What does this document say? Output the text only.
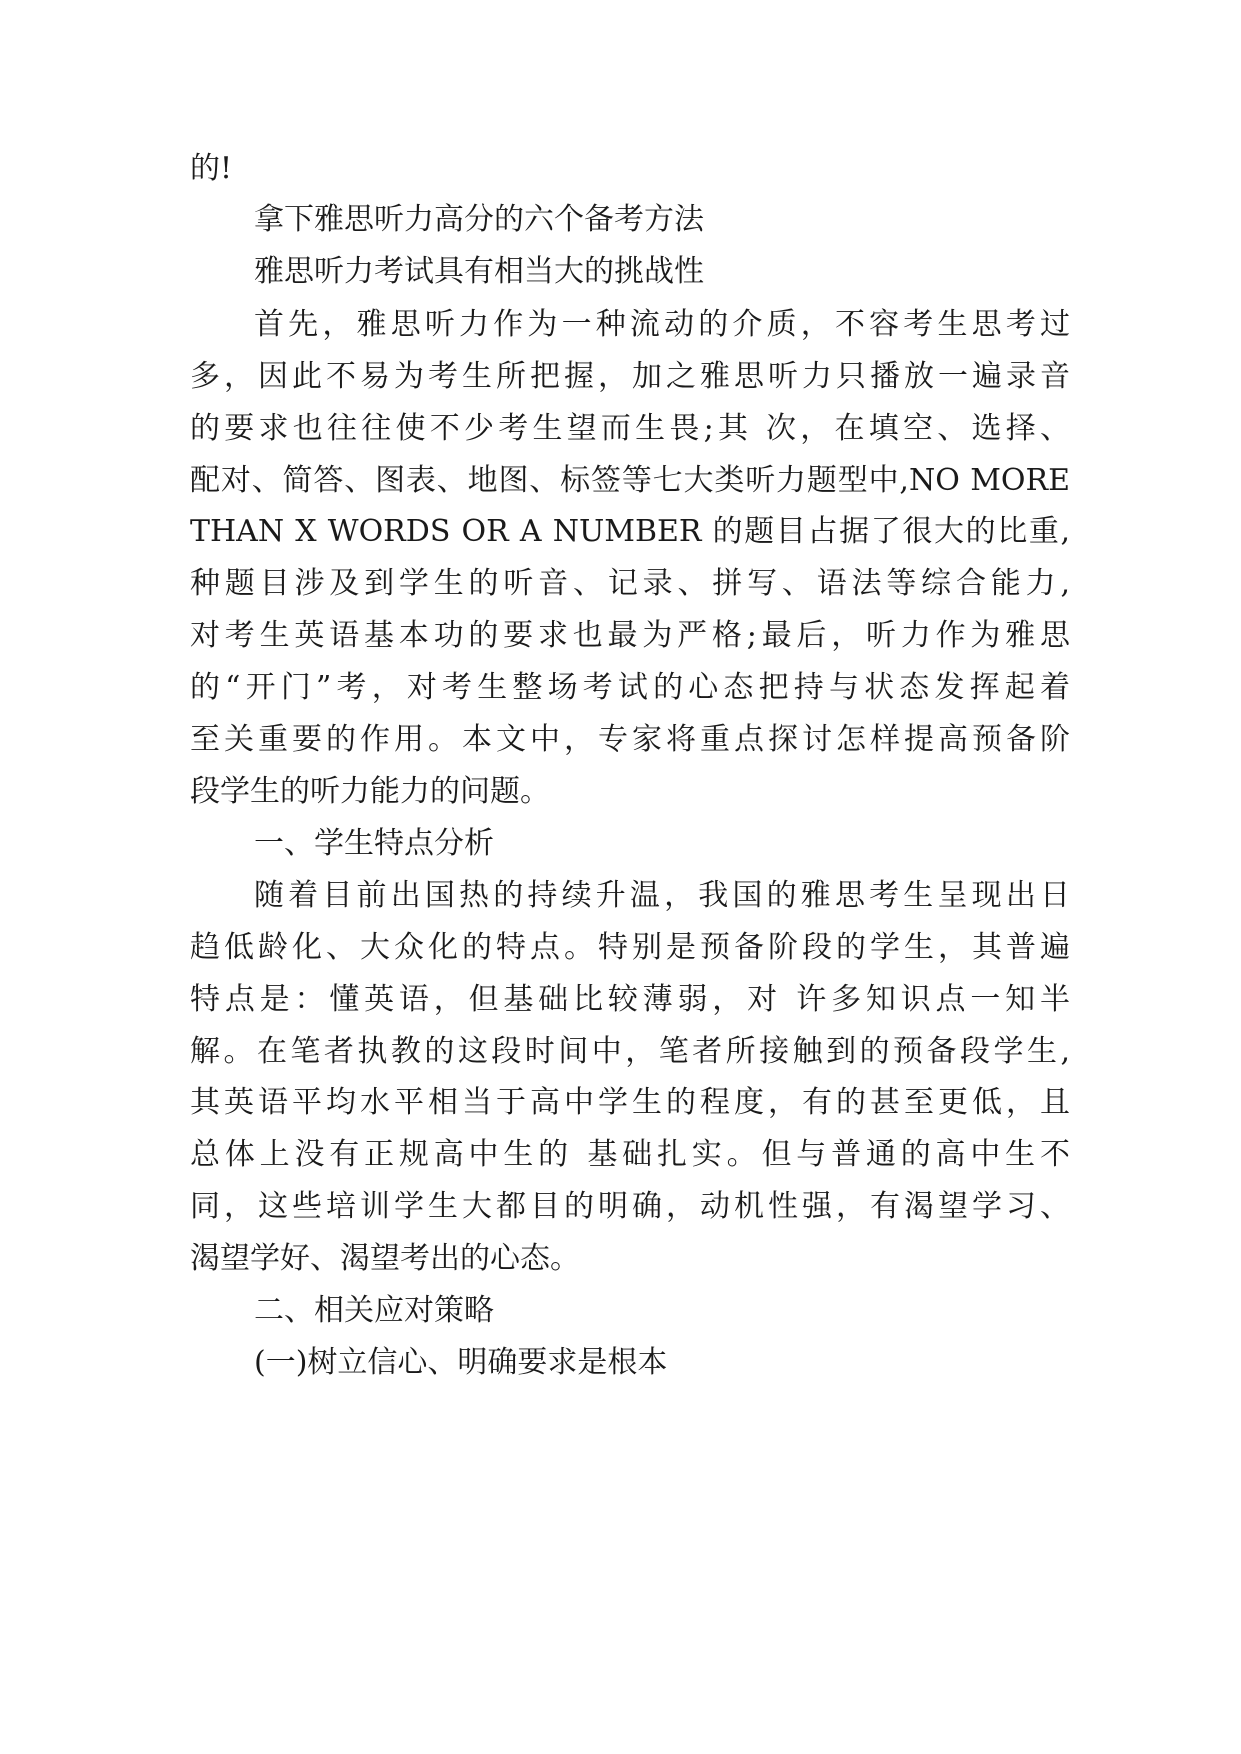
的!

拿下雅思听力高分的六个备考方法

雅思听力考试具有相当大的挑战性

首先，雅思听力作为一种流动的介质，不容考生思考过

多，因此不易为考生所把握，加之雅思听力只播放一遍录音

的要求也往往使不少考生望而生畏;其 次，在填空、选择、

配对、简答、图表、地图、标签等七大类听力题型中,NO MORE

THAN X WORDS OR A NUMBER 的题目占据了很大的比重,

种题目涉及到学生的听音、记录、拼写、语法等综合能力,

对考生英语基本功的要求也最为严格;最后，听力作为雅思

的“开门”考，对考生整场考试的心态把持与状态发挥起着

至关重要的作用。本文中，专家将重点探讨怎样提高预备阶

段学生的听力能力的问题。

一、学生特点分析

随着目前出国热的持续升温，我国的雅思考生呈现出日

趋低龄化、大众化的特点。特别是预备阶段的学生，其普遍

特点是：懂英语，但基础比较薄弱，对 许多知识点一知半

解。在笔者执教的这段时间中，笔者所接触到的预备段学生,

其英语平均水平相当于高中学生的程度，有的甚至更低，且

总体上没有正规高中生的 基础扎实。但与普通的高中生不

同，这些培训学生大都目的明确，动机性强，有渴望学习、

渴望学好、渴望考出的心态。

二、相关应对策略

(一)树立信心、明确要求是根本
